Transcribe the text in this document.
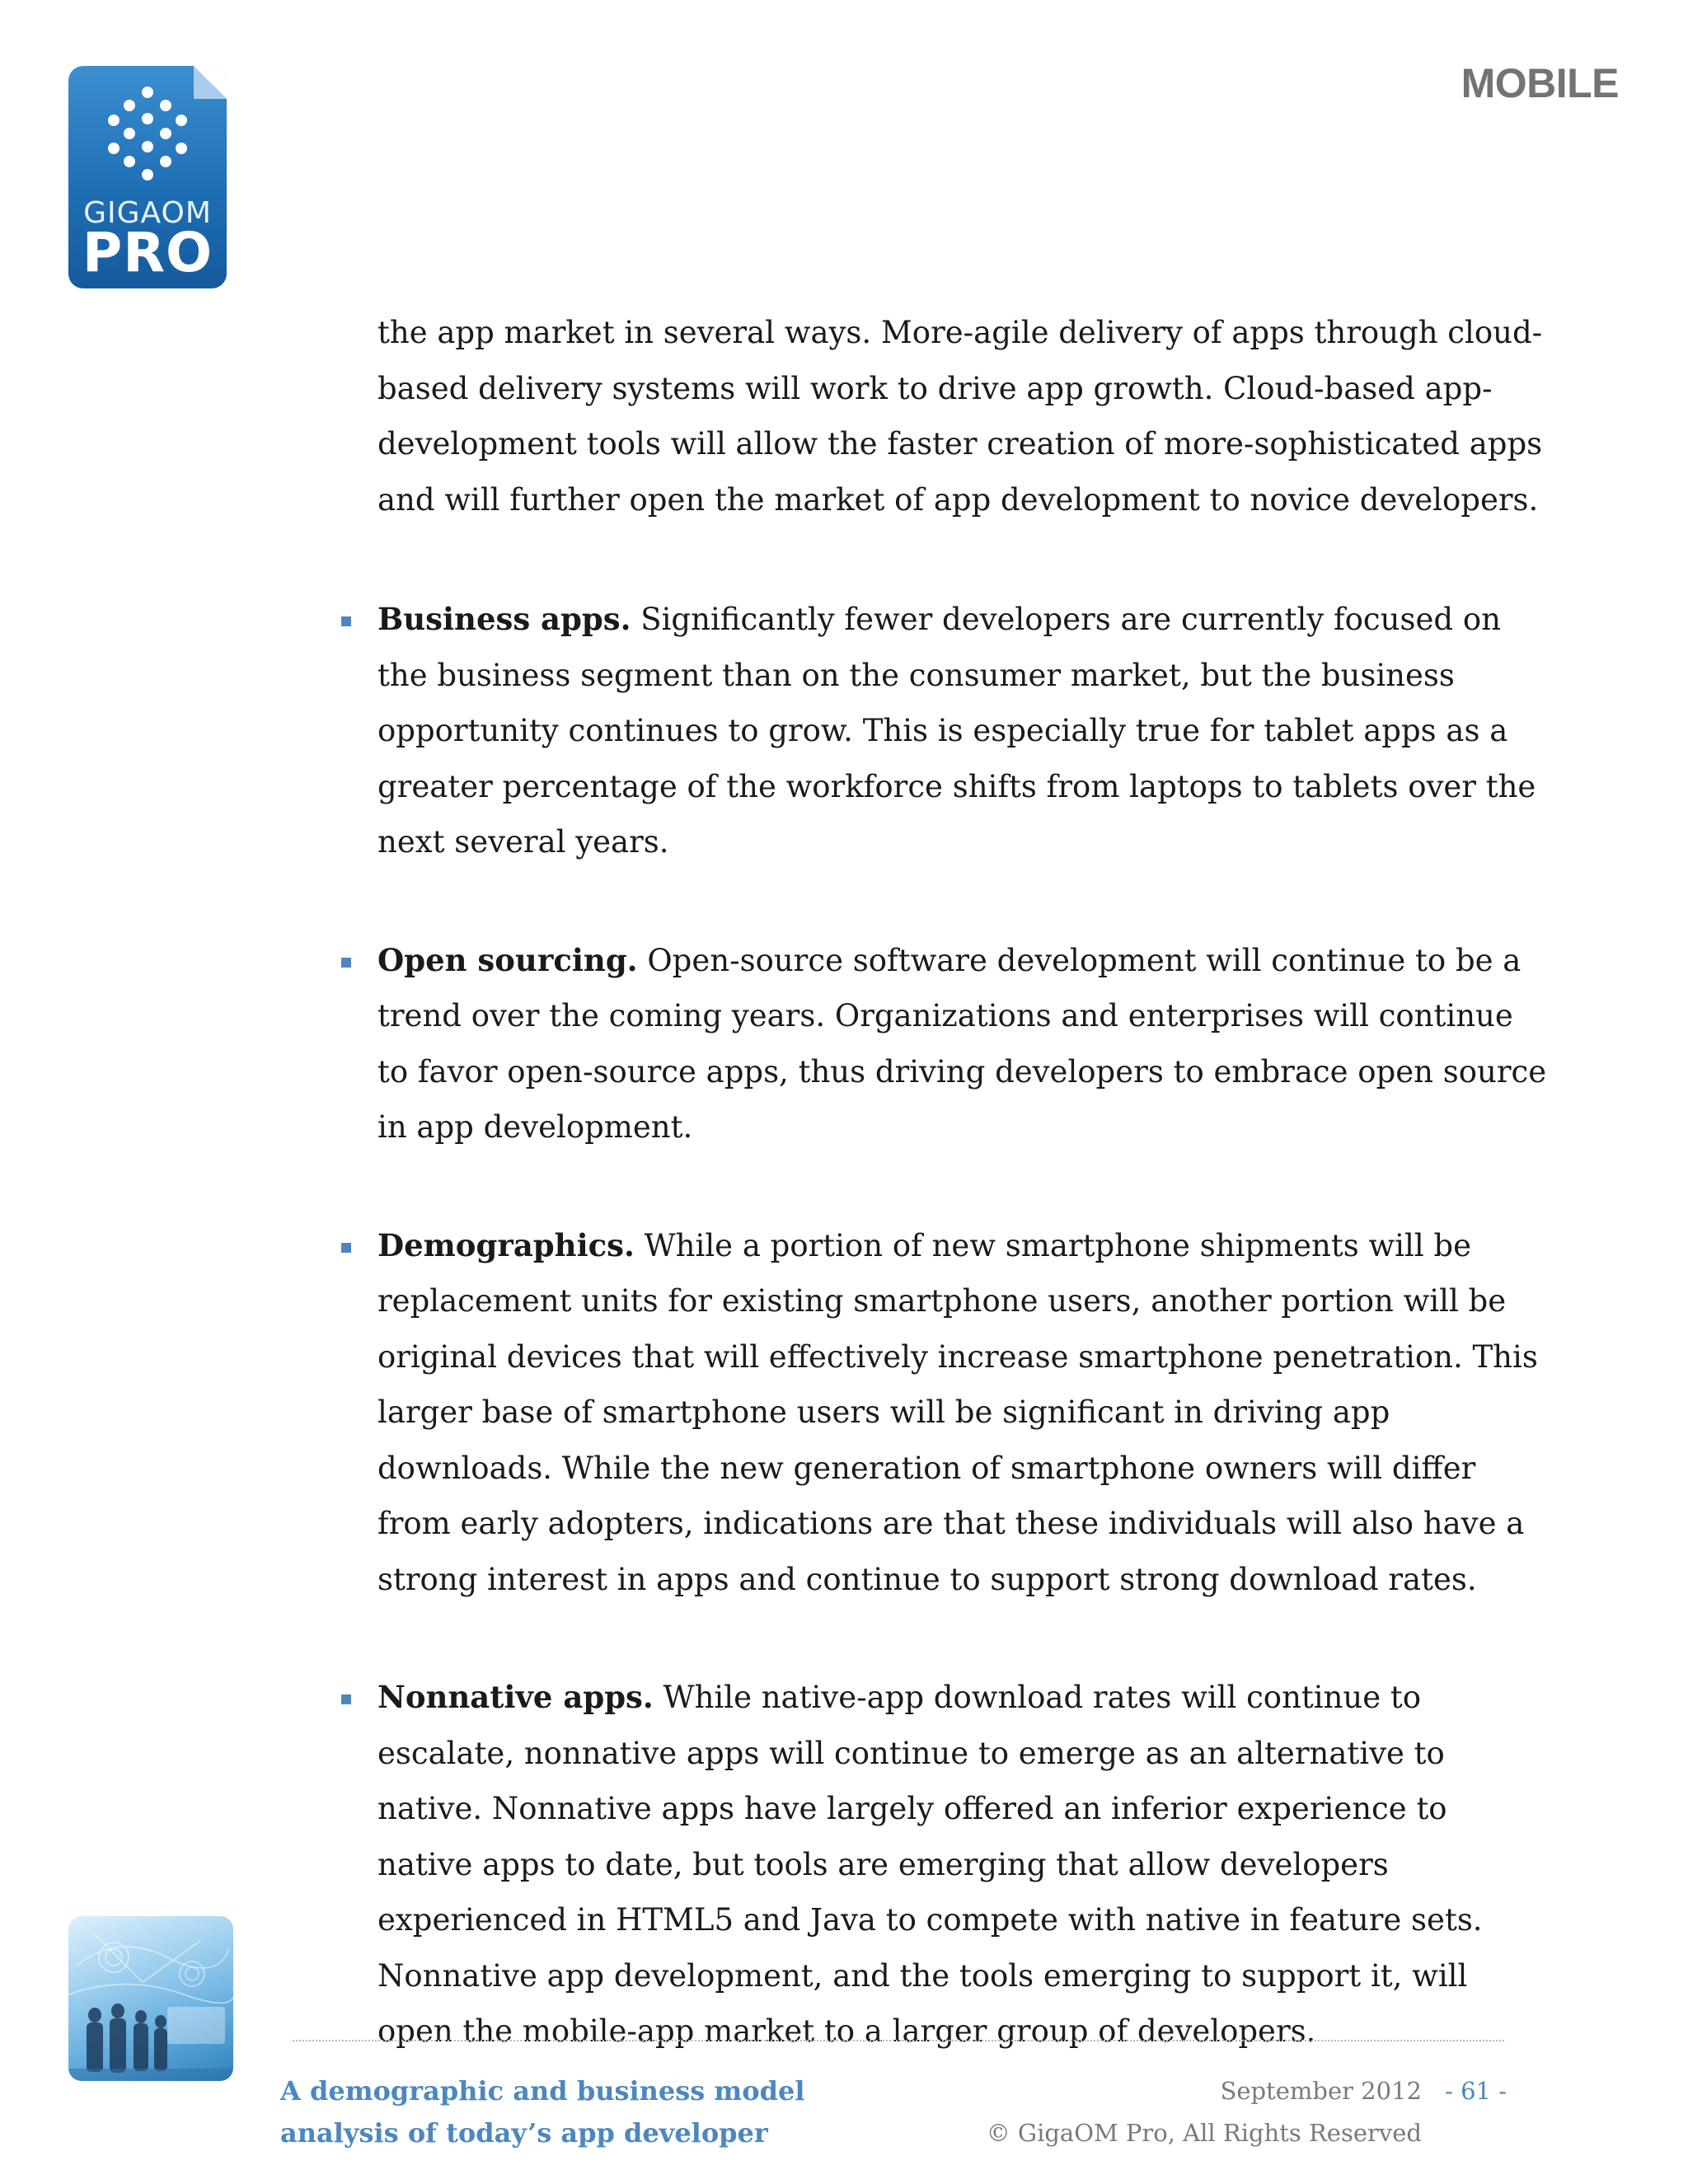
GIGAOM
PRO
MOBILE

the app market in several ways. More-agile delivery of apps through cloud-based delivery systems will work to drive app growth. Cloud-based app-development tools will allow the faster creation of more-sophisticated apps and will further open the market of app development to novice developers.

Business apps. Significantly fewer developers are currently focused on the business segment than on the consumer market, but the business opportunity continues to grow. This is especially true for tablet apps as a greater percentage of the workforce shifts from laptops to tablets over the next several years.
Open sourcing. Open-source software development will continue to be a trend over the coming years. Organizations and enterprises will continue to favor open-source apps, thus driving developers to embrace open source in app development.
Demographics. While a portion of new smartphone shipments will be replacement units for existing smartphone users, another portion will be original devices that will effectively increase smartphone penetration. This larger base of smartphone users will be significant in driving app downloads. While the new generation of smartphone owners will differ from early adopters, indications are that these individuals will also have a strong interest in apps and continue to support strong download rates.
Nonnative apps. While native-app download rates will continue to escalate, nonnative apps will continue to emerge as an alternative to native. Nonnative apps have largely offered an inferior experience to native apps to date, but tools are emerging that allow developers experienced in HTML5 and Java to compete with native in feature sets. Nonnative app development, and the tools emerging to support it, will open the mobile-app market to a larger group of developers.
A demographic and business model
analysis of today’s app developer
September 2012 - 61 -
© GigaOM Pro, All Rights Reserved
